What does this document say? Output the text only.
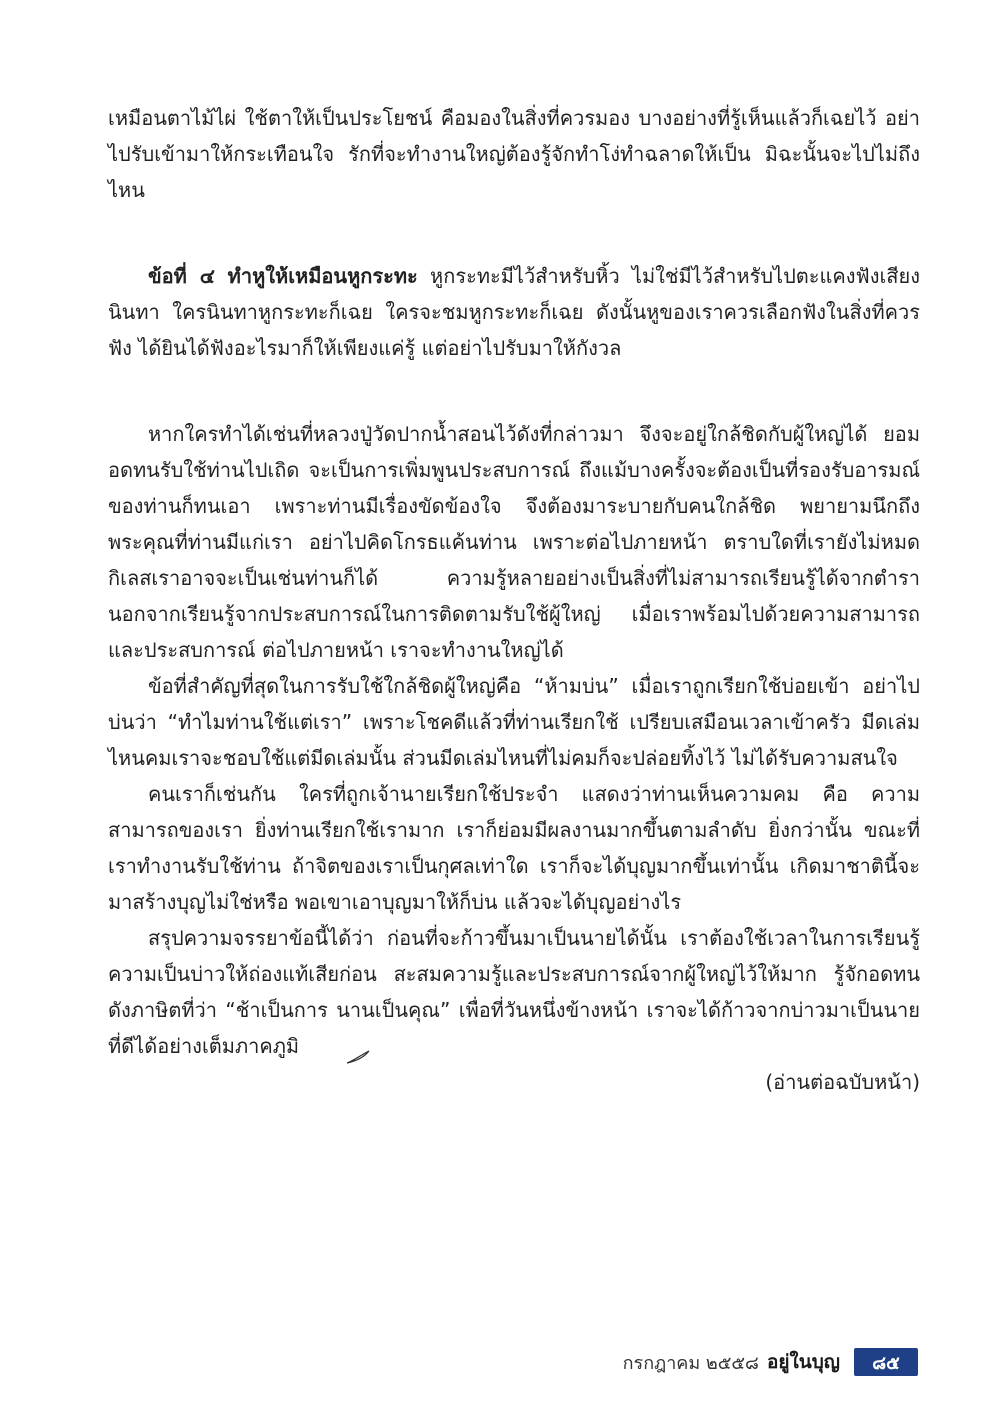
เหมือนตาไม้ไผ่ ใช้ตาให้เป็นประโยชน์ คือมองในสิ่งที่ควรมอง บางอย่างที่รู้เห็นแล้วก็เฉยไว้ อย่าไปรับเข้ามาให้กระเทือนใจ รักที่จะทำงานใหญ่ต้องรู้จักทำโง่ทำฉลาดให้เป็น มิฉะนั้นจะไปไม่ถึงไหน

ข้อที่ ๔ ทำหูให้เหมือนหูกระทะ หูกระทะมีไว้สำหรับหิ้ว ไม่ใช่มีไว้สำหรับไปตะแคงฟังเสียงนินทา ใครนินทาหูกระทะก็เฉย ใครจะชมหูกระทะก็เฉย ดังนั้นหูของเราควรเลือกฟังในสิ่งที่ควรฟัง ได้ยินได้ฟังอะไรมาก็ให้เพียงแค่รู้ แต่อย่าไปรับมาให้กังวล

หากใครทำได้เช่นที่หลวงปู่วัดปากน้ำสอนไว้ดังที่กล่าวมา จึงจะอยู่ใกล้ชิดกับผู้ใหญ่ได้ ยอมอดทนรับใช้ท่านไปเถิด จะเป็นการเพิ่มพูนประสบการณ์ ถึงแม้บางครั้งจะต้องเป็นที่รองรับอารมณ์ของท่านก็ทนเอา เพราะท่านมีเรื่องขัดข้องใจ จึงต้องมาระบายกับคนใกล้ชิด พยายามนึกถึงพระคุณที่ท่านมีแก่เรา อย่าไปคิดโกรธแค้นท่าน เพราะต่อไปภายหน้า ตราบใดที่เรายังไม่หมดกิเลสเราอาจจะเป็นเช่นท่านก็ได้ ความรู้หลายอย่างเป็นสิ่งที่ไม่สามารถเรียนรู้ได้จากตำรา นอกจากเรียนรู้จากประสบการณ์ในการติดตามรับใช้ผู้ใหญ่ เมื่อเราพร้อมไปด้วยความสามารถและประสบการณ์ ต่อไปภายหน้า เราจะทำงานใหญ่ได้

ข้อที่สำคัญที่สุดในการรับใช้ใกล้ชิดผู้ใหญ่คือ “ห้ามบ่น” เมื่อเราถูกเรียกใช้บ่อยเข้า อย่าไปบ่นว่า “ทำไมท่านใช้แต่เรา” เพราะโชคดีแล้วที่ท่านเรียกใช้ เปรียบเสมือนเวลาเข้าครัว มีดเล่มไหนคมเราจะชอบใช้แต่มีดเล่มนั้น ส่วนมีดเล่มไหนที่ไม่คมก็จะปล่อยทิ้งไว้ ไม่ได้รับความสนใจ

คนเราก็เช่นกัน ใครที่ถูกเจ้านายเรียกใช้ประจำ แสดงว่าท่านเห็นความคม คือ ความสามารถของเรา ยิ่งท่านเรียกใช้เรามาก เราก็ย่อมมีผลงานมากขึ้นตามลำดับ ยิ่งกว่านั้น ขณะที่เราทำงานรับใช้ท่าน ถ้าจิตของเราเป็นกุศลเท่าใด เราก็จะได้บุญมากขึ้นเท่านั้น เกิดมาชาตินี้จะมาสร้างบุญไม่ใช่หรือ พอเขาเอาบุญมาให้ก็บ่น แล้วจะได้บุญอย่างไร

สรุปความจรรยาข้อนี้ได้ว่า ก่อนที่จะก้าวขึ้นมาเป็นนายได้นั้น เราต้องใช้เวลาในการเรียนรู้ความเป็นบ่าวให้ถ่องแท้เสียก่อน สะสมความรู้และประสบการณ์จากผู้ใหญ่ไว้ให้มาก รู้จักอดทนดังภาษิตที่ว่า “ช้าเป็นการ นานเป็นคุณ” เพื่อที่วันหนึ่งข้างหน้า เราจะได้ก้าวจากบ่าวมาเป็นนายที่ดีได้อย่างเต็มภาคภูมิ

(อ่านต่อฉบับหน้า)

กรกฎาคม ๒๕๕๘ อยู่ในบุญ	๘๕
